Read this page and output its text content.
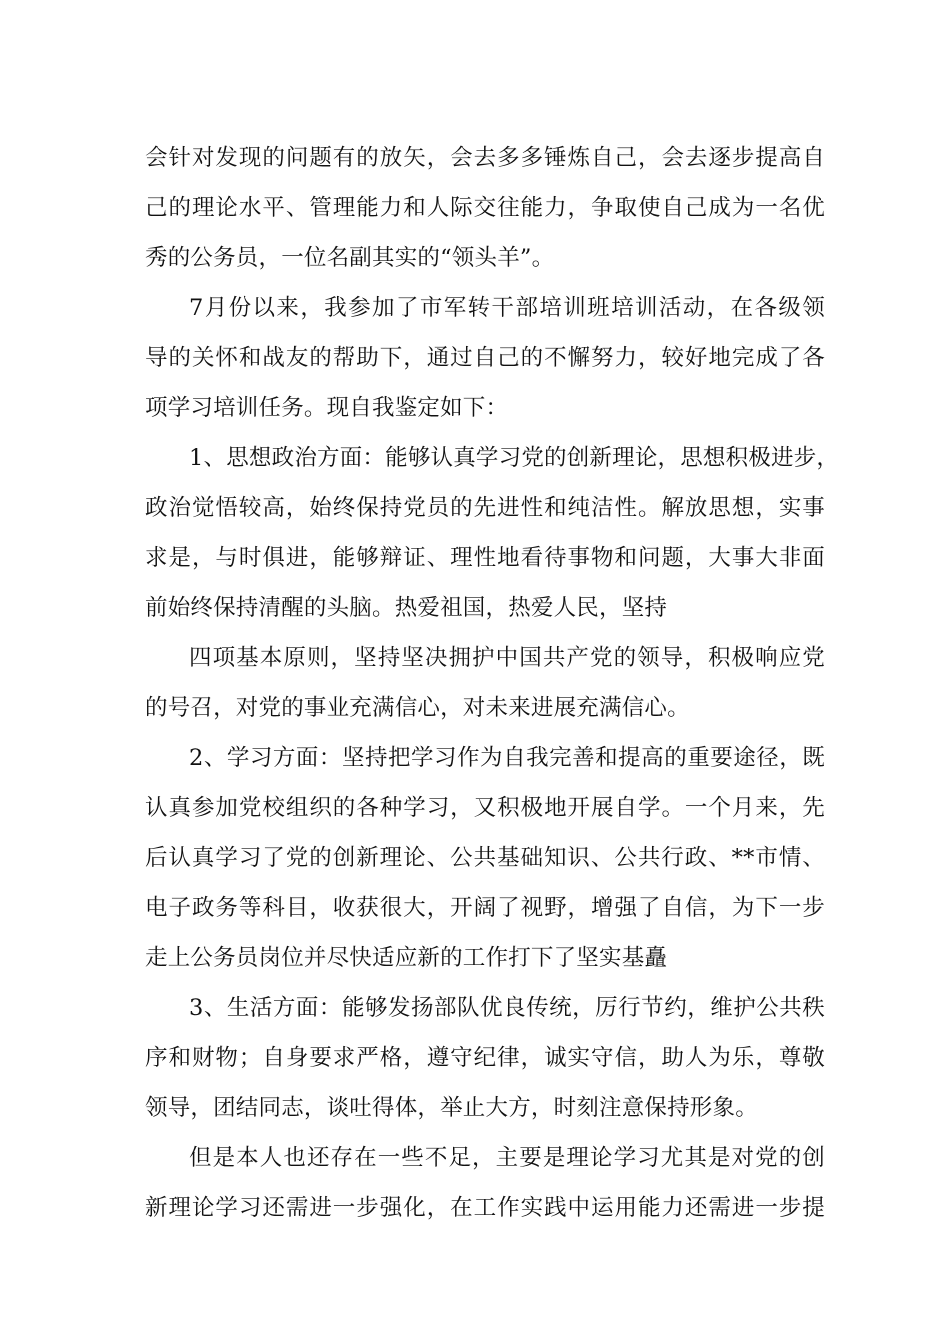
会针对发现的问题有的放矢，会去多多锤炼自己，会去逐步提高自
己的理论水平、管理能力和人际交往能力，争取使自己成为一名优
秀的公务员，一位名副其实的“领头羊”。
7月份以来，我参加了市军转干部培训班培训活动，在各级领
导的关怀和战友的帮助下，通过自己的不懈努力，较好地完成了各
项学习培训任务。现自我鉴定如下：
1、思想政治方面：能够认真学习党的创新理论，思想积极进步，
政治觉悟较高，始终保持党员的先进性和纯洁性。解放思想，实事
求是，与时俱进，能够辩证、理性地看待事物和问题，大事大非面
前始终保持清醒的头脑。热爱祖国，热爱人民，坚持
四项基本原则，坚持坚决拥护中国共产党的领导，积极响应党
的号召，对党的事业充满信心，对未来进展充满信心。
2、学习方面：坚持把学习作为自我完善和提高的重要途径，既
认真参加党校组织的各种学习，又积极地开展自学。一个月来，先
后认真学习了党的创新理论、公共基础知识、公共行政、**市情、
电子政务等科目，收获很大，开阔了视野，增强了自信，为下一步
走上公务员岗位并尽快适应新的工作打下了坚实基矗
3、生活方面：能够发扬部队优良传统，厉行节约，维护公共秩
序和财物；自身要求严格，遵守纪律，诚实守信，助人为乐，尊敬
领导，团结同志，谈吐得体，举止大方，时刻注意保持形象。
但是本人也还存在一些不足，主要是理论学习尤其是对党的创
新理论学习还需进一步强化，在工作实践中运用能力还需进一步提
